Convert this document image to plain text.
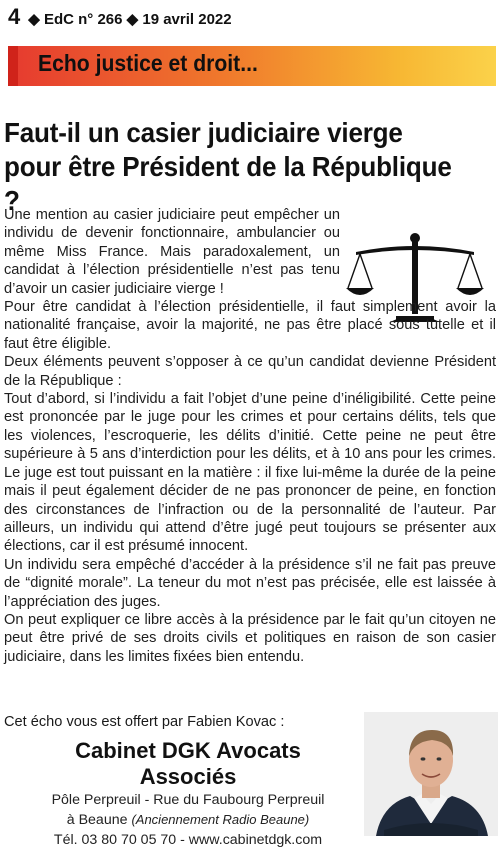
4 ◆ EdC n° 266 ◆ 19 avril 2022
Echo justice et droit...
Faut-il un casier judiciaire vierge pour être Président de la République ?

Une mention au casier judiciaire peut empêcher un individu de devenir fonctionnaire, ambulancier ou même Miss France. Mais paradoxalement, un candidat à l’élection présidentielle n’est pas tenu d’avoir un casier judiciaire vierge !

Pour être candidat à l’élection présidentielle, il faut simplement avoir la nationalité française, avoir la majorité, ne pas être placé sous tutelle et il faut être éligible.

Deux éléments peuvent s’opposer à ce qu’un candidat devienne Président de la République :

Tout d’abord, si l’individu a fait l’objet d’une peine d’inéligibilité. Cette peine est prononcée par le juge pour les crimes et pour certains délits, tels que les violences, l’escroquerie, les délits d’initié. Cette peine ne peut être supérieure à 5 ans d’interdiction pour les délits, et à 10 ans pour les crimes. Le juge est tout puissant en la matière : il fixe lui-même la durée de la peine mais il peut également décider de ne pas prononcer de peine, en fonction des circonstances de l’infraction ou de la personnalité de l’auteur. Par ailleurs, un individu qui attend d’être jugé peut toujours se présenter aux élections, car il est présumé innocent.

Un individu sera empêché d’accéder à la présidence s’il ne fait pas preuve de “dignité morale”. La teneur du mot n’est pas précisée, elle est laissée à l’appréciation des juges.

On peut expliquer ce libre accès à la présidence par le fait qu’un citoyen ne peut être privé de ses droits civils et politiques en raison de son casier judiciaire, dans les limites fixées bien entendu.

Cet écho vous est offert par Fabien Kovac :
Cabinet DGK Avocats Associés
Pôle Perpreuil - Rue du Faubourg Perpreuil
à Beaune (Anciennement Radio Beaune)
Tél. 03 80 70 05 70 - www.cabinetdgk.com
